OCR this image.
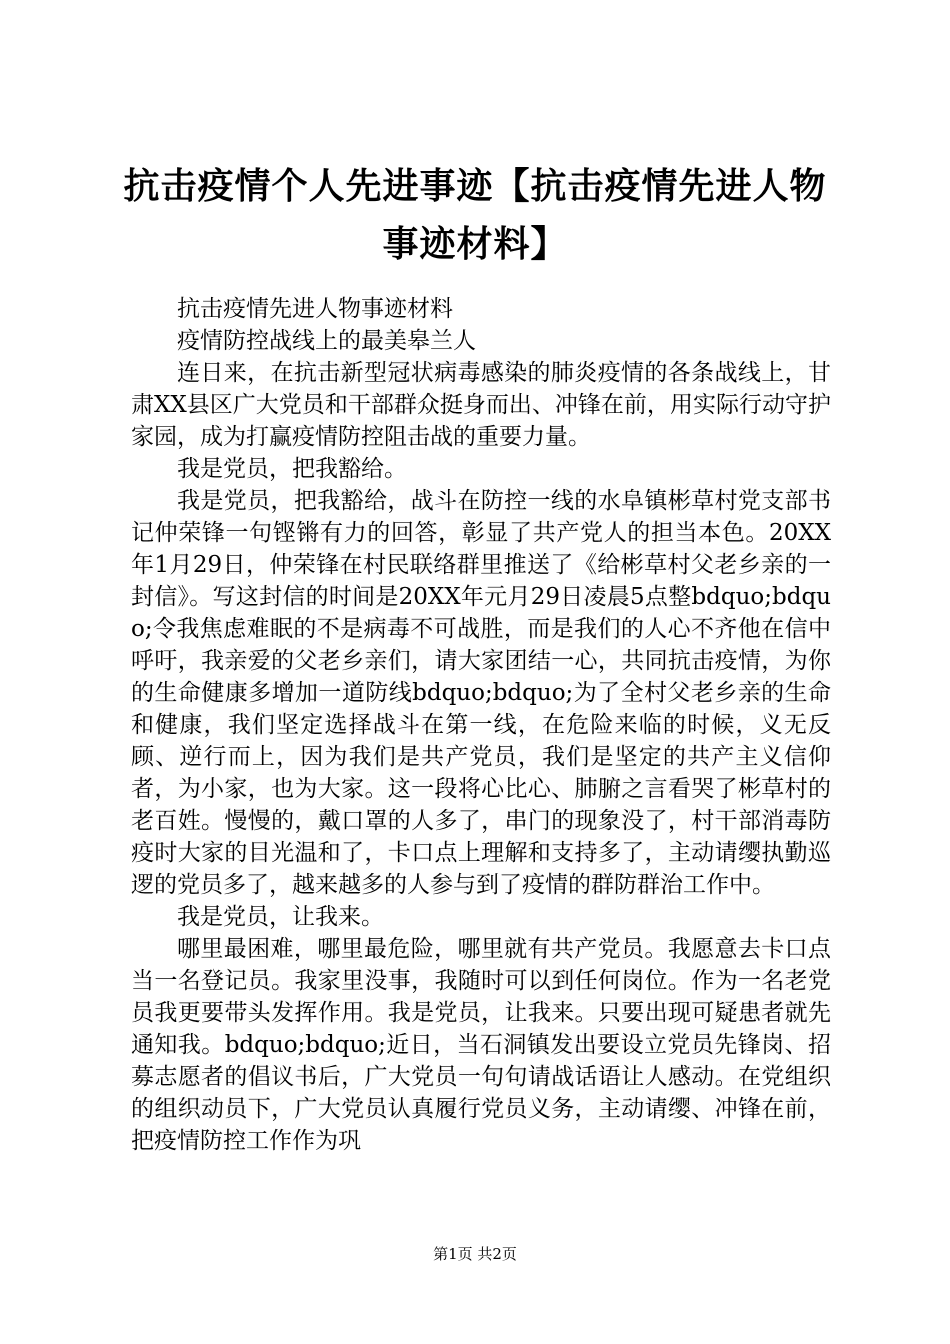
抗击疫情个人先进事迹【抗击疫情先进人物事迹材料】

抗击疫情先进人物事迹材料

疫情防控战线上的最美皋兰人

连日来，在抗击新型冠状病毒感染的肺炎疫情的各条战线上，甘肃XX县区广大党员和干部群众挺身而出、冲锋在前，用实际行动守护家园，成为打赢疫情防控阻击战的重要力量。

我是党员，把我豁给。

我是党员，把我豁给，战斗在防控一线的水阜镇彬草村党支部书记仲荣锋一句铿锵有力的回答，彰显了共产党人的担当本色。20XX年1月29日，仲荣锋在村民联络群里推送了《给彬草村父老乡亲的一封信》。写这封信的时间是20XX年元月29日凌晨5点整bdquo;bdquo;令我焦虑难眠的不是病毒不可战胜，而是我们的人心不齐他在信中呼吁，我亲爱的父老乡亲们，请大家团结一心，共同抗击疫情，为你的生命健康多增加一道防线bdquo;bdquo;为了全村父老乡亲的生命和健康，我们坚定选择战斗在第一线，在危险来临的时候，义无反顾、逆行而上，因为我们是共产党员，我们是坚定的共产主义信仰者，为小家，也为大家。这一段将心比心、肺腑之言看哭了彬草村的老百姓。慢慢的，戴口罩的人多了，串门的现象没了，村干部消毒防疫时大家的目光温和了，卡口点上理解和支持多了，主动请缨执勤巡逻的党员多了，越来越多的人参与到了疫情的群防群治工作中。

我是党员，让我来。

哪里最困难，哪里最危险，哪里就有共产党员。我愿意去卡口点当一名登记员。我家里没事，我随时可以到任何岗位。作为一名老党员我更要带头发挥作用。我是党员，让我来。只要出现可疑患者就先通知我。bdquo;bdquo;近日，当石洞镇发出要设立党员先锋岗、招募志愿者的倡议书后，广大党员一句句请战话语让人感动。在党组织的组织动员下，广大党员认真履行党员义务，主动请缨、冲锋在前，把疫情防控工作作为巩

第1页 共2页
